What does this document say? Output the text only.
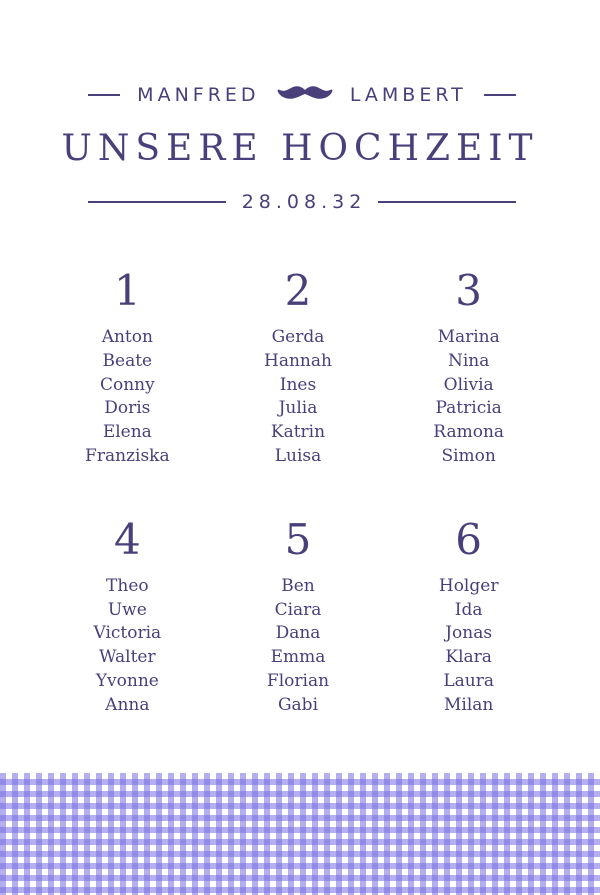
MANFRED	LAMBERT
UNSERE HOCHZEIT
28.08.32
1
Anton
Beate
Conny
Doris
Elena
Franziska
2
Gerda
Hannah
Ines
Julia
Katrin
Luisa
3
Marina
Nina
Olivia
Patricia
Ramona
Simon
4
Theo
Uwe
Victoria
Walter
Yvonne
Anna
5
Ben
Ciara
Dana
Emma
Florian
Gabi
6
Holger
Ida
Jonas
Klara
Laura
Milan
